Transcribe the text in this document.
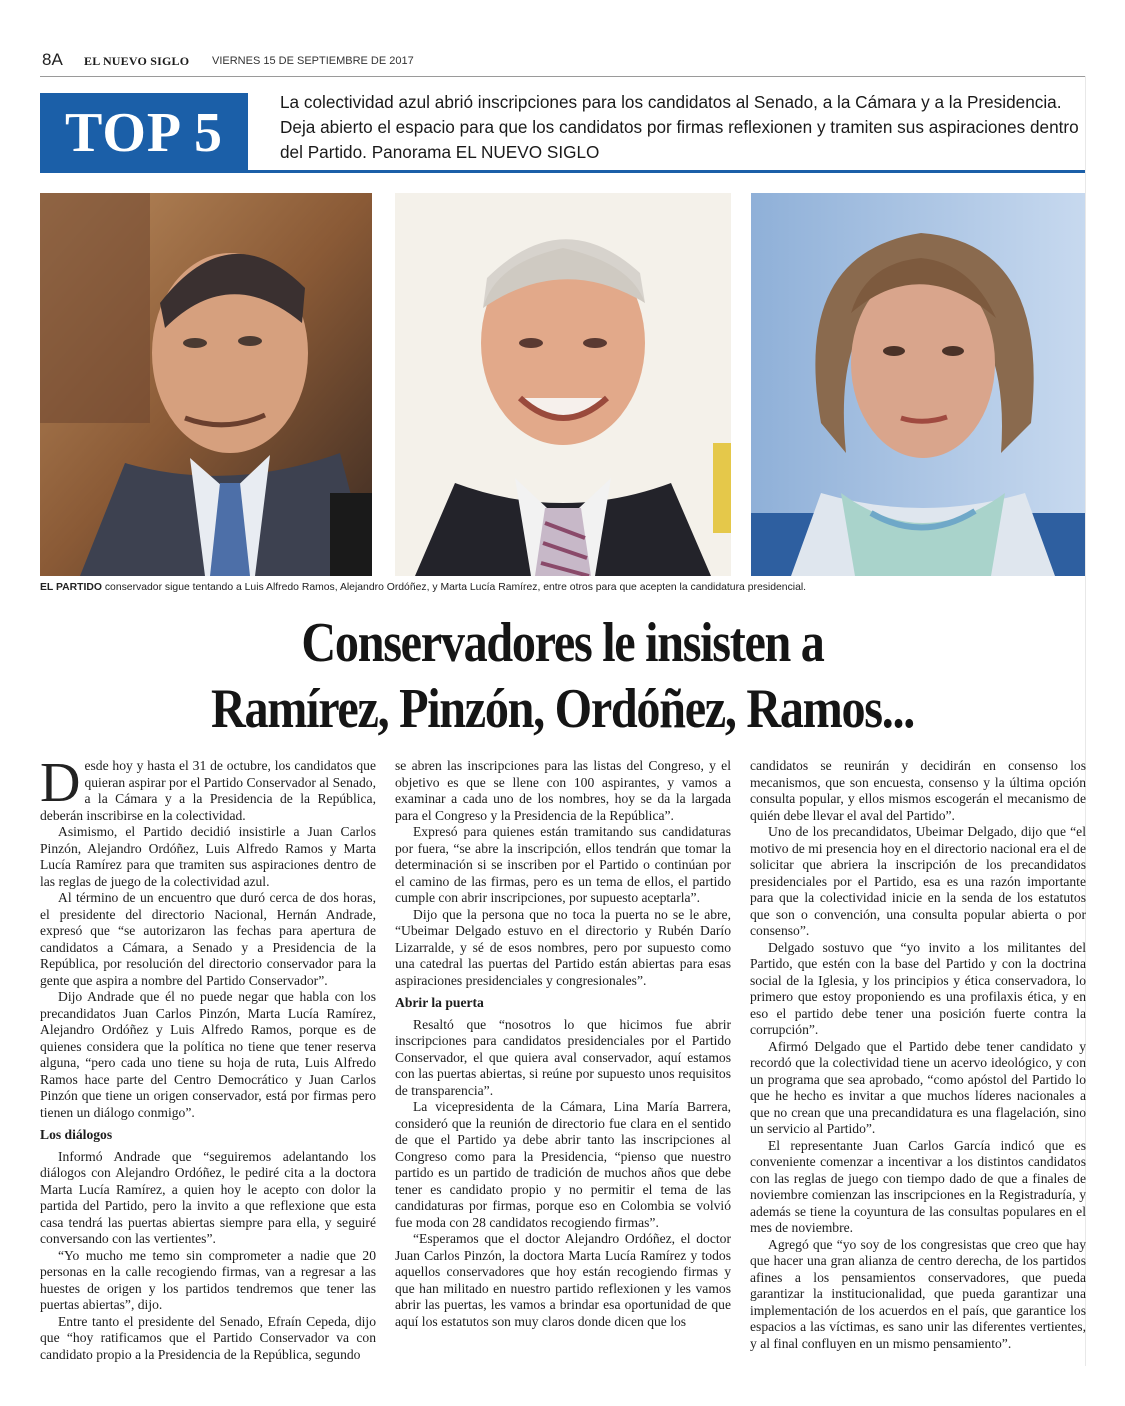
8A EL NUEVO SIGLO VIERNES 15 DE SEPTIEMBRE DE 2017
TOP 5	La colectividad azul abrió inscripciones para los candidatos al Senado, a la Cámara y a la Presidencia. Deja abierto el espacio para que los candidatos por firmas reflexionen y tramiten sus aspiraciones dentro del Partido. Panorama EL NUEVO SIGLO
EL PARTIDO conservador sigue tentando a Luis Alfredo Ramos, Alejandro Ordóñez, y Marta Lucía Ramírez, entre otros para que acepten la candidatura presidencial.
Conservadores le insisten a
Ramírez, Pinzón, Ordóñez, Ramos...

Desde hoy y hasta el 31 de octubre, los candidatos que quieran aspirar por el Partido Conservador al Senado, a la Cámara y a la Presidencia de la República, deberán inscribirse en la colectividad.

Asimismo, el Partido decidió insistirle a Juan Carlos Pinzón, Alejandro Ordóñez, Luis Alfredo Ramos y Marta Lucía Ramírez para que tramiten sus aspiraciones dentro de las reglas de juego de la colectividad azul.

Al término de un encuentro que duró cerca de dos horas, el presidente del directorio Nacional, Hernán Andrade, expresó que “se autorizaron las fechas para apertura de candidatos a Cámara, a Senado y a Presidencia de la República, por resolución del directorio conservador para la gente que aspira a nombre del Partido Conservador”.

Dijo Andrade que él no puede negar que habla con los precandidatos Juan Carlos Pinzón, Marta Lucía Ramírez, Alejandro Ordóñez y Luis Alfredo Ramos, porque es de quienes considera que la política no tiene que tener reserva alguna, “pero cada uno tiene su hoja de ruta, Luis Alfredo Ramos hace parte del Centro Democrático y Juan Carlos Pinzón que tiene un origen conservador, está por firmas pero tienen un diálogo conmigo”.

Los diálogos

Informó Andrade que “seguiremos adelantando los diálogos con Alejandro Ordóñez, le pediré cita a la doctora Marta Lucía Ramírez, a quien hoy le acepto con dolor la partida del Partido, pero la invito a que reflexione que esta casa tendrá las puertas abiertas siempre para ella, y seguiré conversando con las vertientes”.

“Yo mucho me temo sin comprometer a nadie que 20 personas en la calle recogiendo firmas, van a regresar a las huestes de origen y los partidos tendremos que tener las puertas abiertas”, dijo.

Entre tanto el presidente del Senado, Efraín Cepeda, dijo que “hoy ratificamos que el Partido Conservador va con candidato propio a la Presidencia de la República, segundo

se abren las inscripciones para las listas del Congreso, y el objetivo es que se llene con 100 aspirantes, y vamos a examinar a cada uno de los nombres, hoy se da la largada para el Congreso y la Presidencia de la República”.

Expresó para quienes están tramitando sus candidaturas por fuera, “se abre la inscripción, ellos tendrán que tomar la determinación si se inscriben por el Partido o continúan por el camino de las firmas, pero es un tema de ellos, el partido cumple con abrir inscripciones, por supuesto aceptarla”.

Dijo que la persona que no toca la puerta no se le abre, “Ubeimar Delgado estuvo en el directorio y Rubén Darío Lizarralde, y sé de esos nombres, pero por supuesto como una catedral las puertas del Partido están abiertas para esas aspiraciones presidenciales y congresionales”.

Abrir la puerta

Resaltó que “nosotros lo que hicimos fue abrir inscripciones para candidatos presidenciales por el Partido Conservador, el que quiera aval conservador, aquí estamos con las puertas abiertas, si reúne por supuesto unos requisitos de transparencia”.

La vicepresidenta de la Cámara, Lina María Barrera, consideró que la reunión de directorio fue clara en el sentido de que el Partido ya debe abrir tanto las inscripciones al Congreso como para la Presidencia, “pienso que nuestro partido es un partido de tradición de muchos años que debe tener es candidato propio y no permitir el tema de las candidaturas por firmas, porque eso en Colombia se volvió fue moda con 28 candidatos recogiendo firmas”.

“Esperamos que el doctor Alejandro Ordóñez, el doctor Juan Carlos Pinzón, la doctora Marta Lucía Ramírez y todos aquellos conservadores que hoy están recogiendo firmas y que han militado en nuestro partido reflexionen y les vamos abrir las puertas, les vamos a brindar esa oportunidad de que aquí los estatutos son muy claros donde dicen que los

candidatos se reunirán y decidirán en consenso los mecanismos, que son encuesta, consenso y la última opción consulta popular, y ellos mismos escogerán el mecanismo de quién debe llevar el aval del Partido”.

Uno de los precandidatos, Ubeimar Delgado, dijo que “el motivo de mi presencia hoy en el directorio nacional era el de solicitar que abriera la inscripción de los precandidatos presidenciales por el Partido, esa es una razón importante para que la colectividad inicie en la senda de los estatutos que son o convención, una consulta popular abierta o por consenso”.

Delgado sostuvo que “yo invito a los militantes del Partido, que estén con la base del Partido y con la doctrina social de la Iglesia, y los principios y ética conservadora, lo primero que estoy proponiendo es una profilaxis ética, y en eso el partido debe tener una posición fuerte contra la corrupción”.

Afirmó Delgado que el Partido debe tener candidato y recordó que la colectividad tiene un acervo ideológico, y con un programa que sea aprobado, “como apóstol del Partido lo que he hecho es invitar a que muchos líderes nacionales a que no crean que una precandidatura es una flagelación, sino un servicio al Partido”.

El representante Juan Carlos García indicó que es conveniente comenzar a incentivar a los distintos candidatos con las reglas de juego con tiempo dado de que a finales de noviembre comienzan las inscripciones en la Registraduría, y además se tiene la coyuntura de las consultas populares en el mes de noviembre.

Agregó que “yo soy de los congresistas que creo que hay que hacer una gran alianza de centro derecha, de los partidos afines a los pensamientos conservadores, que pueda garantizar la institucionalidad, que pueda garantizar una implementación de los acuerdos en el país, que garantice los espacios a las víctimas, es sano unir las diferentes vertientes, y al final confluyen en un mismo pensamiento”.
